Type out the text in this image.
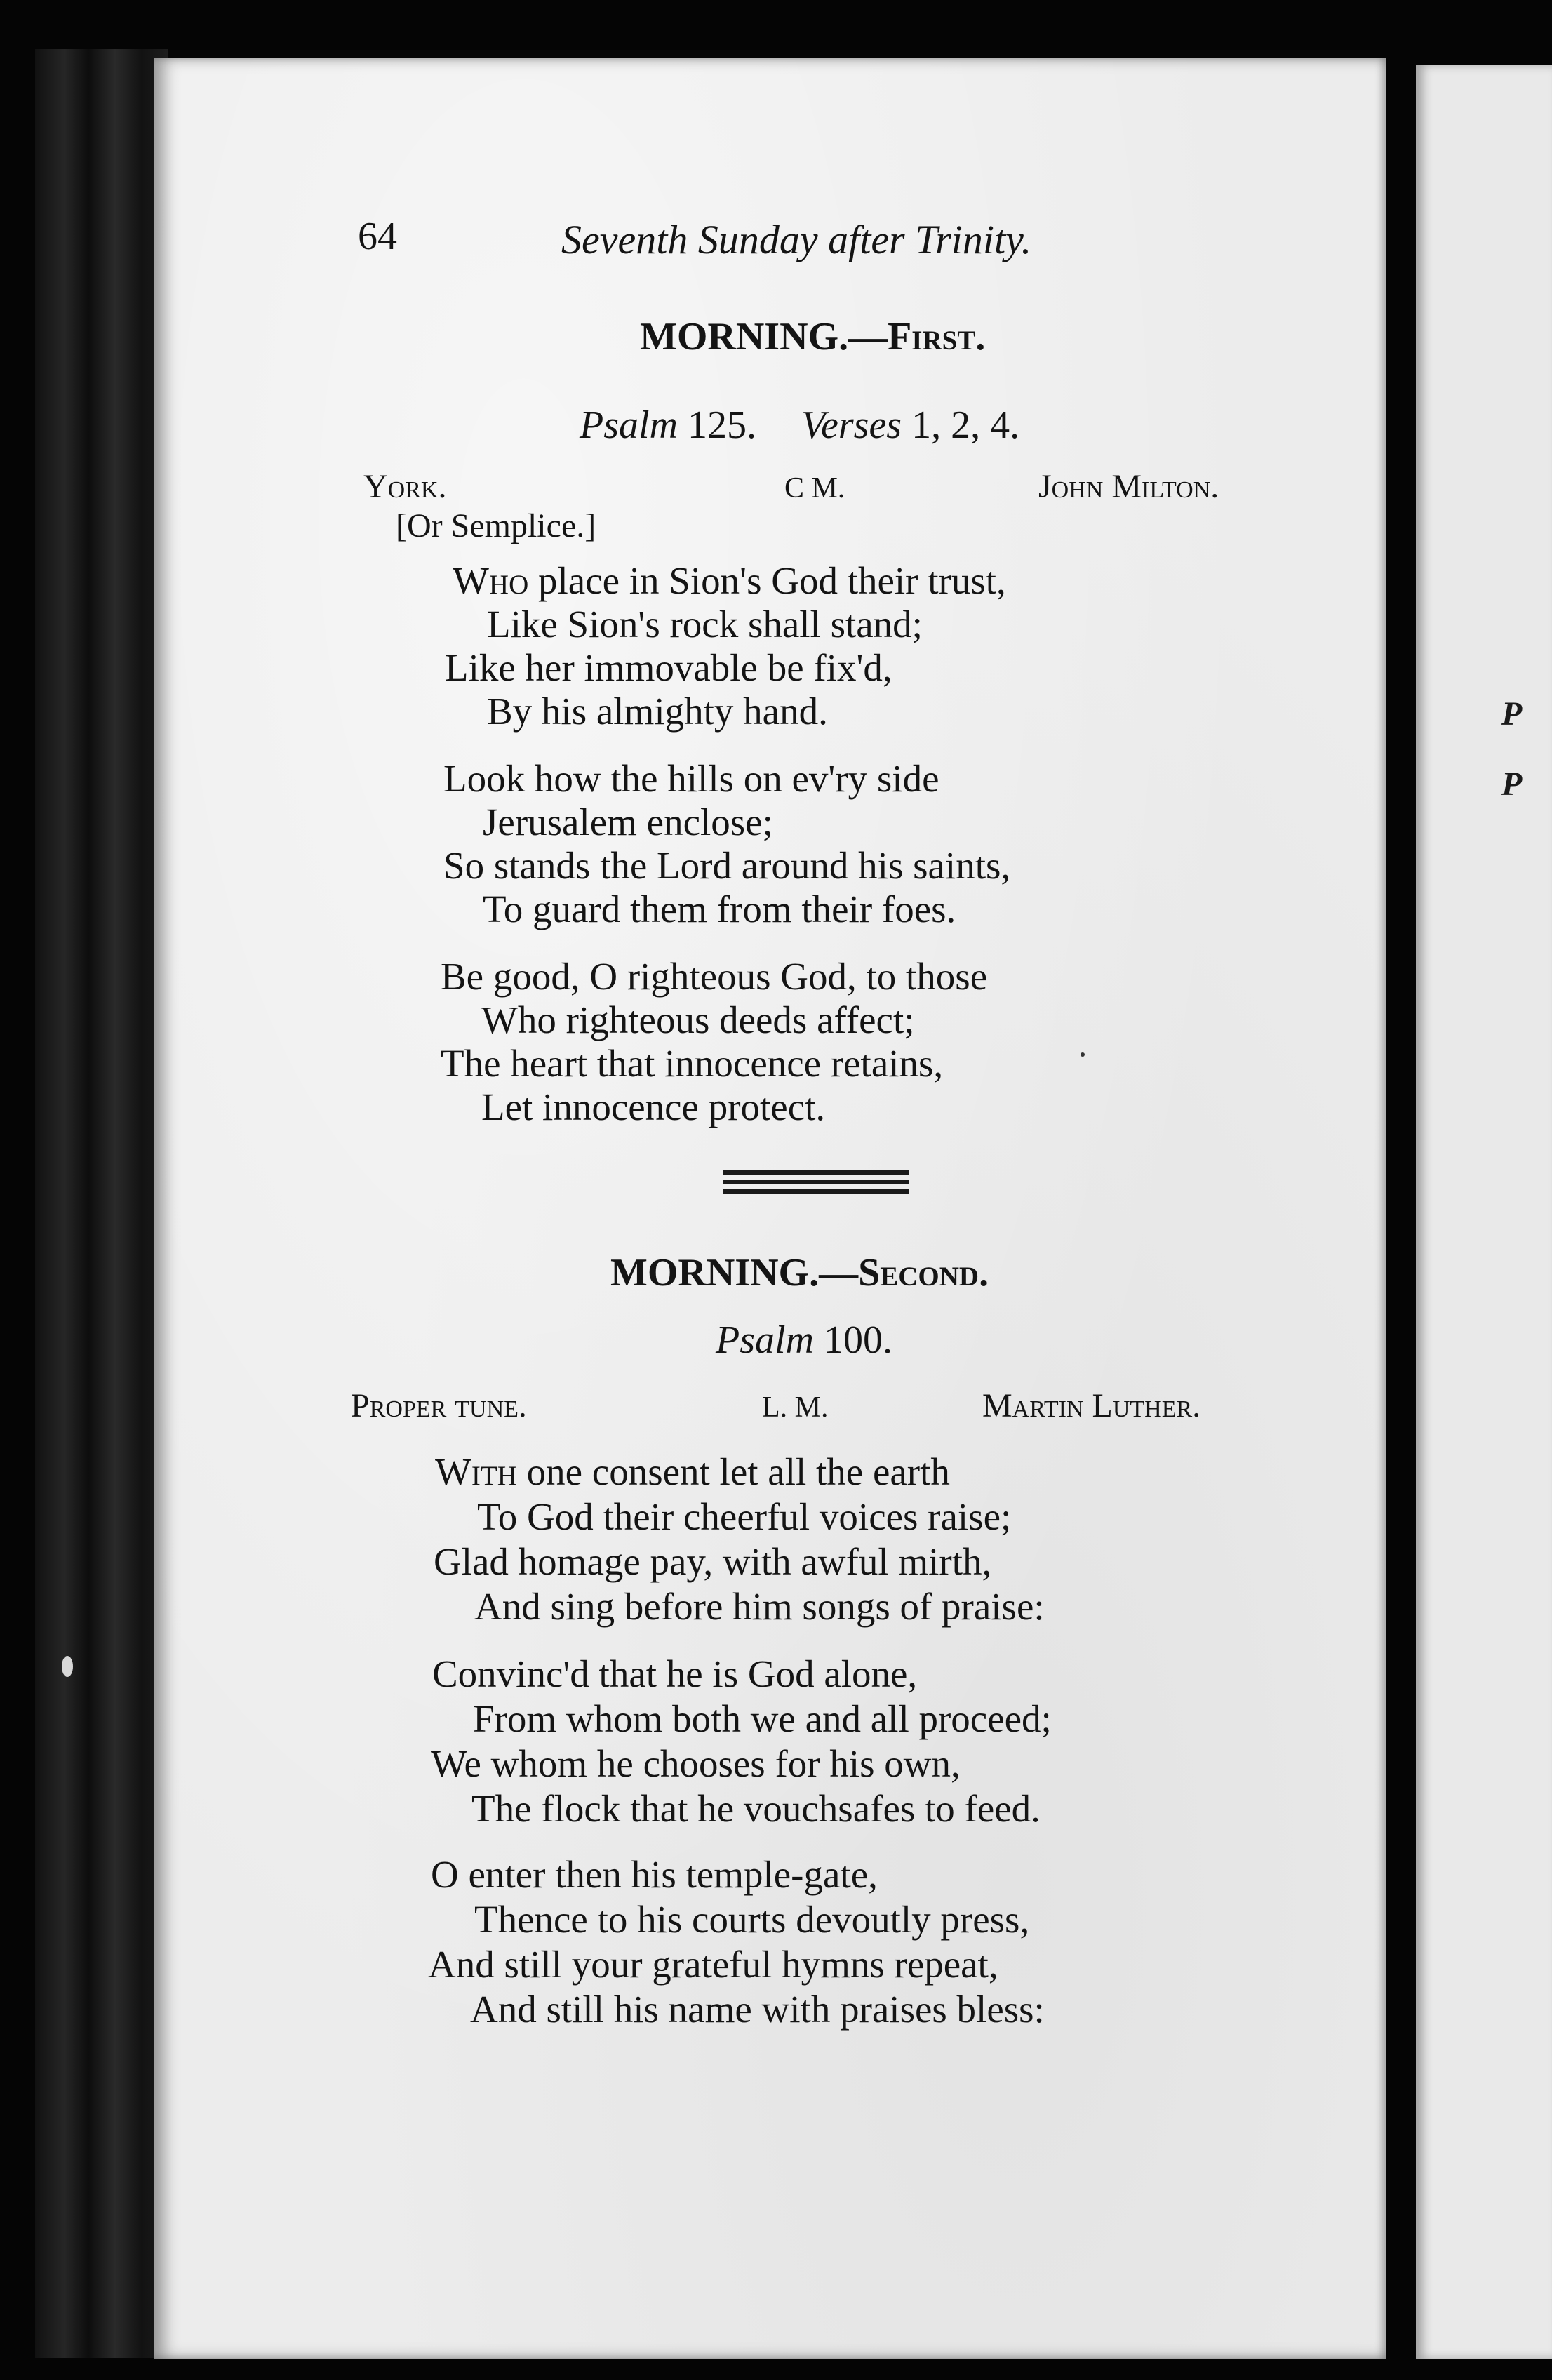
P
P
64	Seventh Sunday after Trinity.
MORNING.—First.
Psalm 125. Verses 1, 2, 4.
York.	C M.	John Milton.
[Or Semplice.]
Who place in Sion's God their trust,
Like Sion's rock shall stand;
Like her immovable be fix'd,
By his almighty hand.
Look how the hills on ev'ry side
Jerusalem enclose;
So stands the Lord around his saints,
To guard them from their foes.
Be good, O righteous God, to those
Who righteous deeds affect;
The heart that innocence retains,
Let innocence protect.
MORNING.—Second.
Psalm 100.
Proper tune.	L. M.	Martin Luther.
With one consent let all the earth
To God their cheerful voices raise;
Glad homage pay, with awful mirth,
And sing before him songs of praise:
Convinc'd that he is God alone,
From whom both we and all proceed;
We whom he chooses for his own,
The flock that he vouchsafes to feed.
O enter then his temple-gate,
Thence to his courts devoutly press,
And still your grateful hymns repeat,
And still his name with praises bless:
